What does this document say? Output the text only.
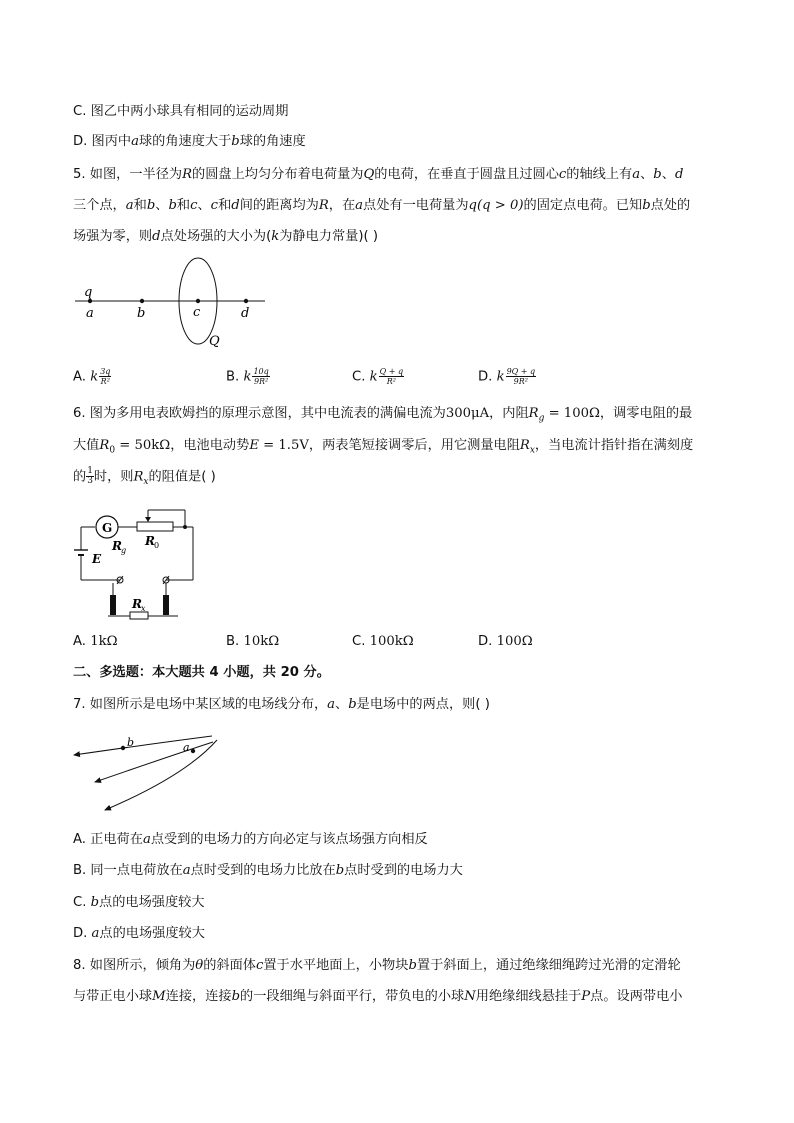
C. 图乙中两小球具有相同的运动周期
D. 图丙中a球的角速度大于b球的角速度
5. 如图，一半径为R的圆盘上均匀分布着电荷量为Q的电荷，在垂直于圆盘且过圆心c的轴线上有a、b、d
三个点，a和b、b和c、c和d间的距离均为R，在a点处有一电荷量为q(q > 0)的固定点电荷。已知b点处的
场强为零，则d点处场强的大小为(k为静电力常量)( )
q
a	b	c	d
Q
A. k $\frac{3q}{\text{R²}}$	B. k $\frac{10q}{\text{9R²}}$	C. k $\frac{Q + q}{\text{R²}}$	D. k $\frac{9Q + q}{\text{9R²}}$
6. 图为多用电表欧姆挡的原理示意图，其中电流表的满偏电流为300μA，内阻$R_g = 100\Omega$，调零电阻的最
大值$R_0 = 50k\Omega$，电池电动势E = 1.5V，两表笔短接调零后，用它测量电阻$R_x$，当电流计指针指在满刻度
的 $\frac{1}{3}$ 时，则$R_x$的阻值是( )
G
R g
R 0
E
R x
A. 1kΩ	B. 10kΩ	C. 100kΩ	D. 100Ω
二、多选题：本大题共 4 小题，共 20 分。
7. 如图所示是电场中某区域的电场线分布，a、b是电场中的两点，则( )
b	a
A. 正电荷在a点受到的电场力的方向必定与该点场强方向相反
B. 同一点电荷放在a点时受到的电场力比放在b点时受到的电场力大
C. b点的电场强度较大
D. a点的电场强度较大
8. 如图所示，倾角为θ的斜面体c置于水平地面上，小物块b置于斜面上，通过绝缘细绳跨过光滑的定滑轮
与带正电小球M连接，连接b的一段细绳与斜面平行，带负电的小球N用绝缘细线悬挂于P点。设两带电小
